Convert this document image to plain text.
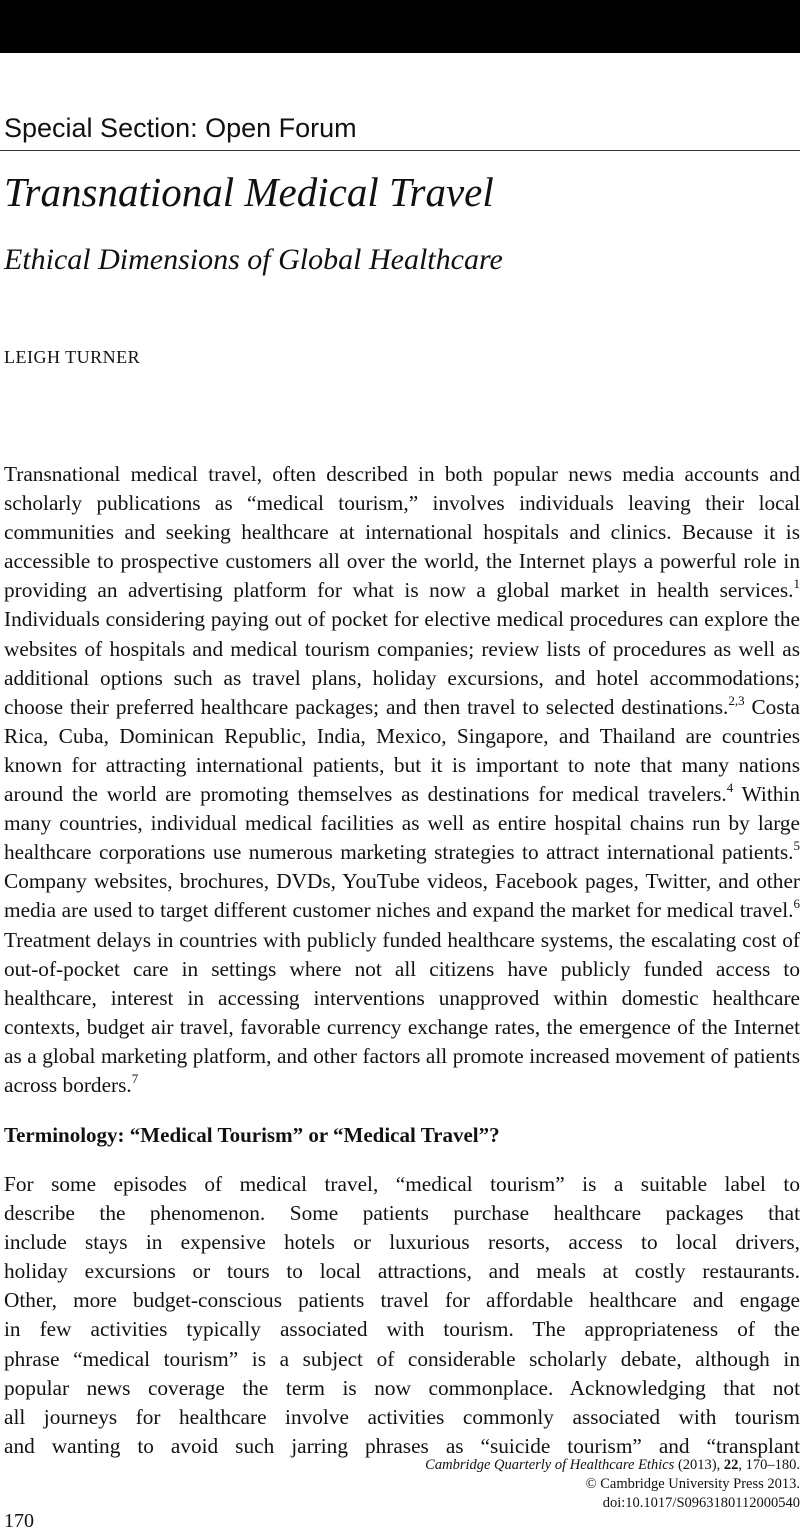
Special Section: Open Forum
Transnational Medical Travel
Ethical Dimensions of Global Healthcare
LEIGH TURNER

Transnational medical travel, often described in both popular news media accounts and scholarly publications as “medical tourism,” involves individuals leaving their local communities and seeking healthcare at international hospitals and clinics. Because it is accessible to prospective customers all over the world, the Internet plays a powerful role in providing an advertising platform for what is now a global market in health services.$^1$ Individuals considering paying out of pocket for elective medical procedures can explore the websites of hospitals and medical tourism companies; review lists of procedures as well as additional options such as travel plans, holiday excursions, and hotel accommodations; choose their preferred healthcare packages; and then travel to selected destinations.$^{2,3}$ Costa Rica, Cuba, Dominican Republic, India, Mexico, Singapore, and Thailand are countries known for attracting international patients, but it is important to note that many nations around the world are promoting themselves as destinations for medical travelers.$^4$ Within many countries, individual medical facilities as well as entire hospital chains run by large healthcare corporations use numerous marketing strategies to attract international patients.$^5$ Company websites, brochures, DVDs, YouTube videos, Facebook pages, Twitter, and other media are used to target different customer niches and expand the market for medical travel.$^6$ Treatment delays in countries with publicly funded healthcare systems, the escalating cost of out-of-pocket care in settings where not all citizens have publicly funded access to healthcare, interest in accessing interventions unapproved within domestic healthcare contexts, budget air travel, favorable currency exchange rates, the emergence of the Internet as a global marketing platform, and other factors all promote increased movement of patients across borders.$^7$

Terminology: “Medical Tourism” or “Medical Travel”?
For some episodes of medical travel, “medical tourism” is a suitable label to
describe the phenomenon. Some patients purchase healthcare packages that
include stays in expensive hotels or luxurious resorts, access to local drivers,
holiday excursions or tours to local attractions, and meals at costly restaurants.
Other, more budget-conscious patients travel for affordable healthcare and engage
in few activities typically associated with tourism. The appropriateness of the
phrase “medical tourism” is a subject of considerable scholarly debate, although in
popular news coverage the term is now commonplace. Acknowledging that not
all journeys for healthcare involve activities commonly associated with tourism
and wanting to avoid such jarring phrases as “suicide tourism” and “transplant
Cambridge Quarterly of Healthcare Ethics (2013), 22, 170–180.
© Cambridge University Press 2013.
doi:10.1017/S0963180112000540
170
